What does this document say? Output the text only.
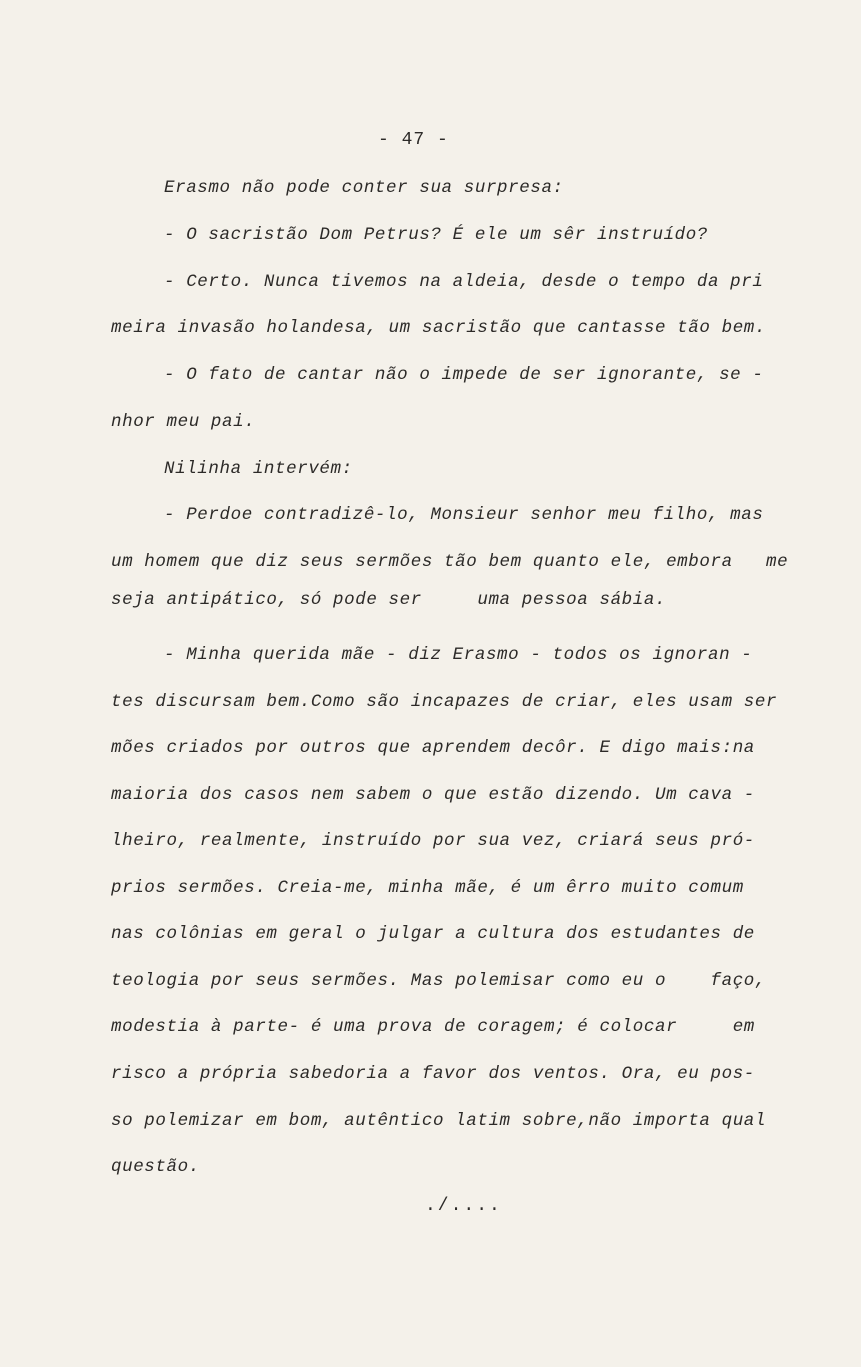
- 47 -
Erasmo não pode conter sua surpresa:
- O sacristão Dom Petrus? É ele um sêr instruído?
- Certo. Nunca tivemos na aldeia, desde o tempo da pri
meira invasão holandesa, um sacristão que cantasse tão bem.
- O fato de cantar não o impede de ser ignorante, se -
nhor meu pai.
Nilinha intervém:
- Perdoe contradizê-lo, Monsieur senhor meu filho, mas
um homem que diz seus sermões tão bem quanto ele, embora   me
seja antipático, só pode ser     uma pessoa sábia.
- Minha querida mãe - diz Erasmo - todos os ignoran -
tes discursam bem.Como são incapazes de criar, eles usam ser
mões criados por outros que aprendem decôr. E digo mais:na
maioria dos casos nem sabem o que estão dizendo. Um cava -
lheiro, realmente, instruído por sua vez, criará seus pró-
prios sermões. Creia-me, minha mãe, é um êrro muito comum
nas colônias em geral o julgar a cultura dos estudantes de
teologia por seus sermões. Mas polemisar como eu o    faço,
modestia à parte- é uma prova de coragem; é colocar     em
risco a própria sabedoria a favor dos ventos. Ora, eu pos-
so polemizar em bom, autêntico latim sobre,não importa qual
questão.
./....
